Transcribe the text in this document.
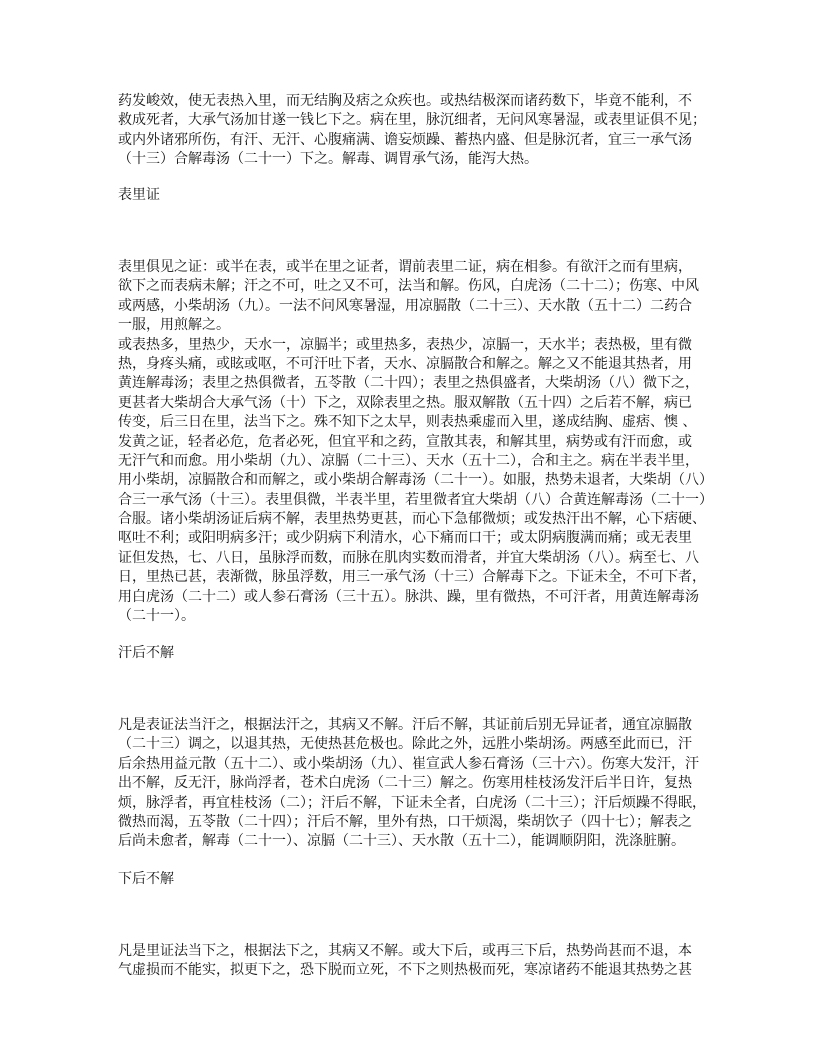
药发峻效，使无表热入里，而无结胸及痞之众疾也。或热结极深而诸药数下，毕竟不能利，不
救成死者，大承气汤加甘遂一钱匕下之。病在里，脉沉细者，无问风寒暑湿，或表里证俱不见；
或内外诸邪所伤，有汗、无汗、心腹痛满、谵妄烦躁、蓄热内盛、但是脉沉者，宜三一承气汤
（十三）合解毒汤（二十一）下之。解毒、调胃承气汤，能泻大热。
表里证
表里俱见之证：或半在表，或半在里之证者，谓前表里二证，病在相参。有欲汗之而有里病，
欲下之而表病未解；汗之不可，吐之又不可，法当和解。伤风，白虎汤（二十二）；伤寒、中风
或两感，小柴胡汤（九）。一法不问风寒暑湿，用凉膈散（二十三）、天水散（五十二）二药合
一服，用煎解之。
或表热多，里热少，天水一，凉膈半；或里热多，表热少，凉膈一，天水半；表热极，里有微
热，身疼头痛，或眩或呕，不可汗吐下者，天水、凉膈散合和解之。解之又不能退其热者，用
黄连解毒汤；表里之热俱微者，五苓散（二十四）；表里之热俱盛者，大柴胡汤（八）微下之，
更甚者大柴胡合大承气汤（十）下之，双除表里之热。服双解散（五十四）之后若不解，病已
传变，后三日在里，法当下之。殊不知下之太早，则表热乘虚而入里，遂成结胸、虚痞、懊 、
发黄之证，轻者必危，危者必死，但宜平和之药，宣散其表，和解其里，病势或有汗而愈，或
无汗气和而愈。用小柴胡（九）、凉膈（二十三）、天水（五十二），合和主之。病在半表半里，
用小柴胡，凉膈散合和而解之，或小柴胡合解毒汤（二十一）。如服，热势未退者，大柴胡（八）
合三一承气汤（十三）。表里俱微，半表半里，若里微者宜大柴胡（八）合黄连解毒汤（二十一）
合服。诸小柴胡汤证后病不解，表里热势更甚，而心下急郁微烦；或发热汗出不解，心下痞硬、
呕吐不利；或阳明病多汗；或少阴病下利清水，心下痛而口干；或太阴病腹满而痛；或无表里
证但发热，七、八日，虽脉浮而数，而脉在肌肉实数而滑者，并宜大柴胡汤（八）。病至七、八
日，里热已甚，表渐微，脉虽浮数，用三一承气汤（十三）合解毒下之。下证未全，不可下者，
用白虎汤（二十二）或人参石膏汤（三十五）。脉洪、躁，里有微热，不可汗者，用黄连解毒汤
（二十一）。
汗后不解
凡是表证法当汗之，根据法汗之，其病又不解。汗后不解，其证前后别无异证者，通宜凉膈散
（二十三）调之，以退其热，无使热甚危极也。除此之外，远胜小柴胡汤。两感至此而已，汗
后余热用益元散（五十二）、或小柴胡汤（九）、崔宣武人参石膏汤（三十六）。伤寒大发汗，汗
出不解，反无汗，脉尚浮者，苍术白虎汤（二十三）解之。伤寒用桂枝汤发汗后半日许，复热
烦，脉浮者，再宜桂枝汤（二）；汗后不解，下证未全者，白虎汤（二十三）；汗后烦躁不得眠，
微热而渴，五苓散（二十四）；汗后不解，里外有热，口干烦渴，柴胡饮子（四十七）；解表之
后尚未愈者，解毒（二十一）、凉膈（二十三）、天水散（五十二），能调顺阴阳，洗涤脏腑。
下后不解
凡是里证法当下之，根据法下之，其病又不解。或大下后，或再三下后，热势尚甚而不退，本
气虚损而不能实，拟更下之，恐下脱而立死，不下之则热极而死，寒凉诸药不能退其热势之甚
